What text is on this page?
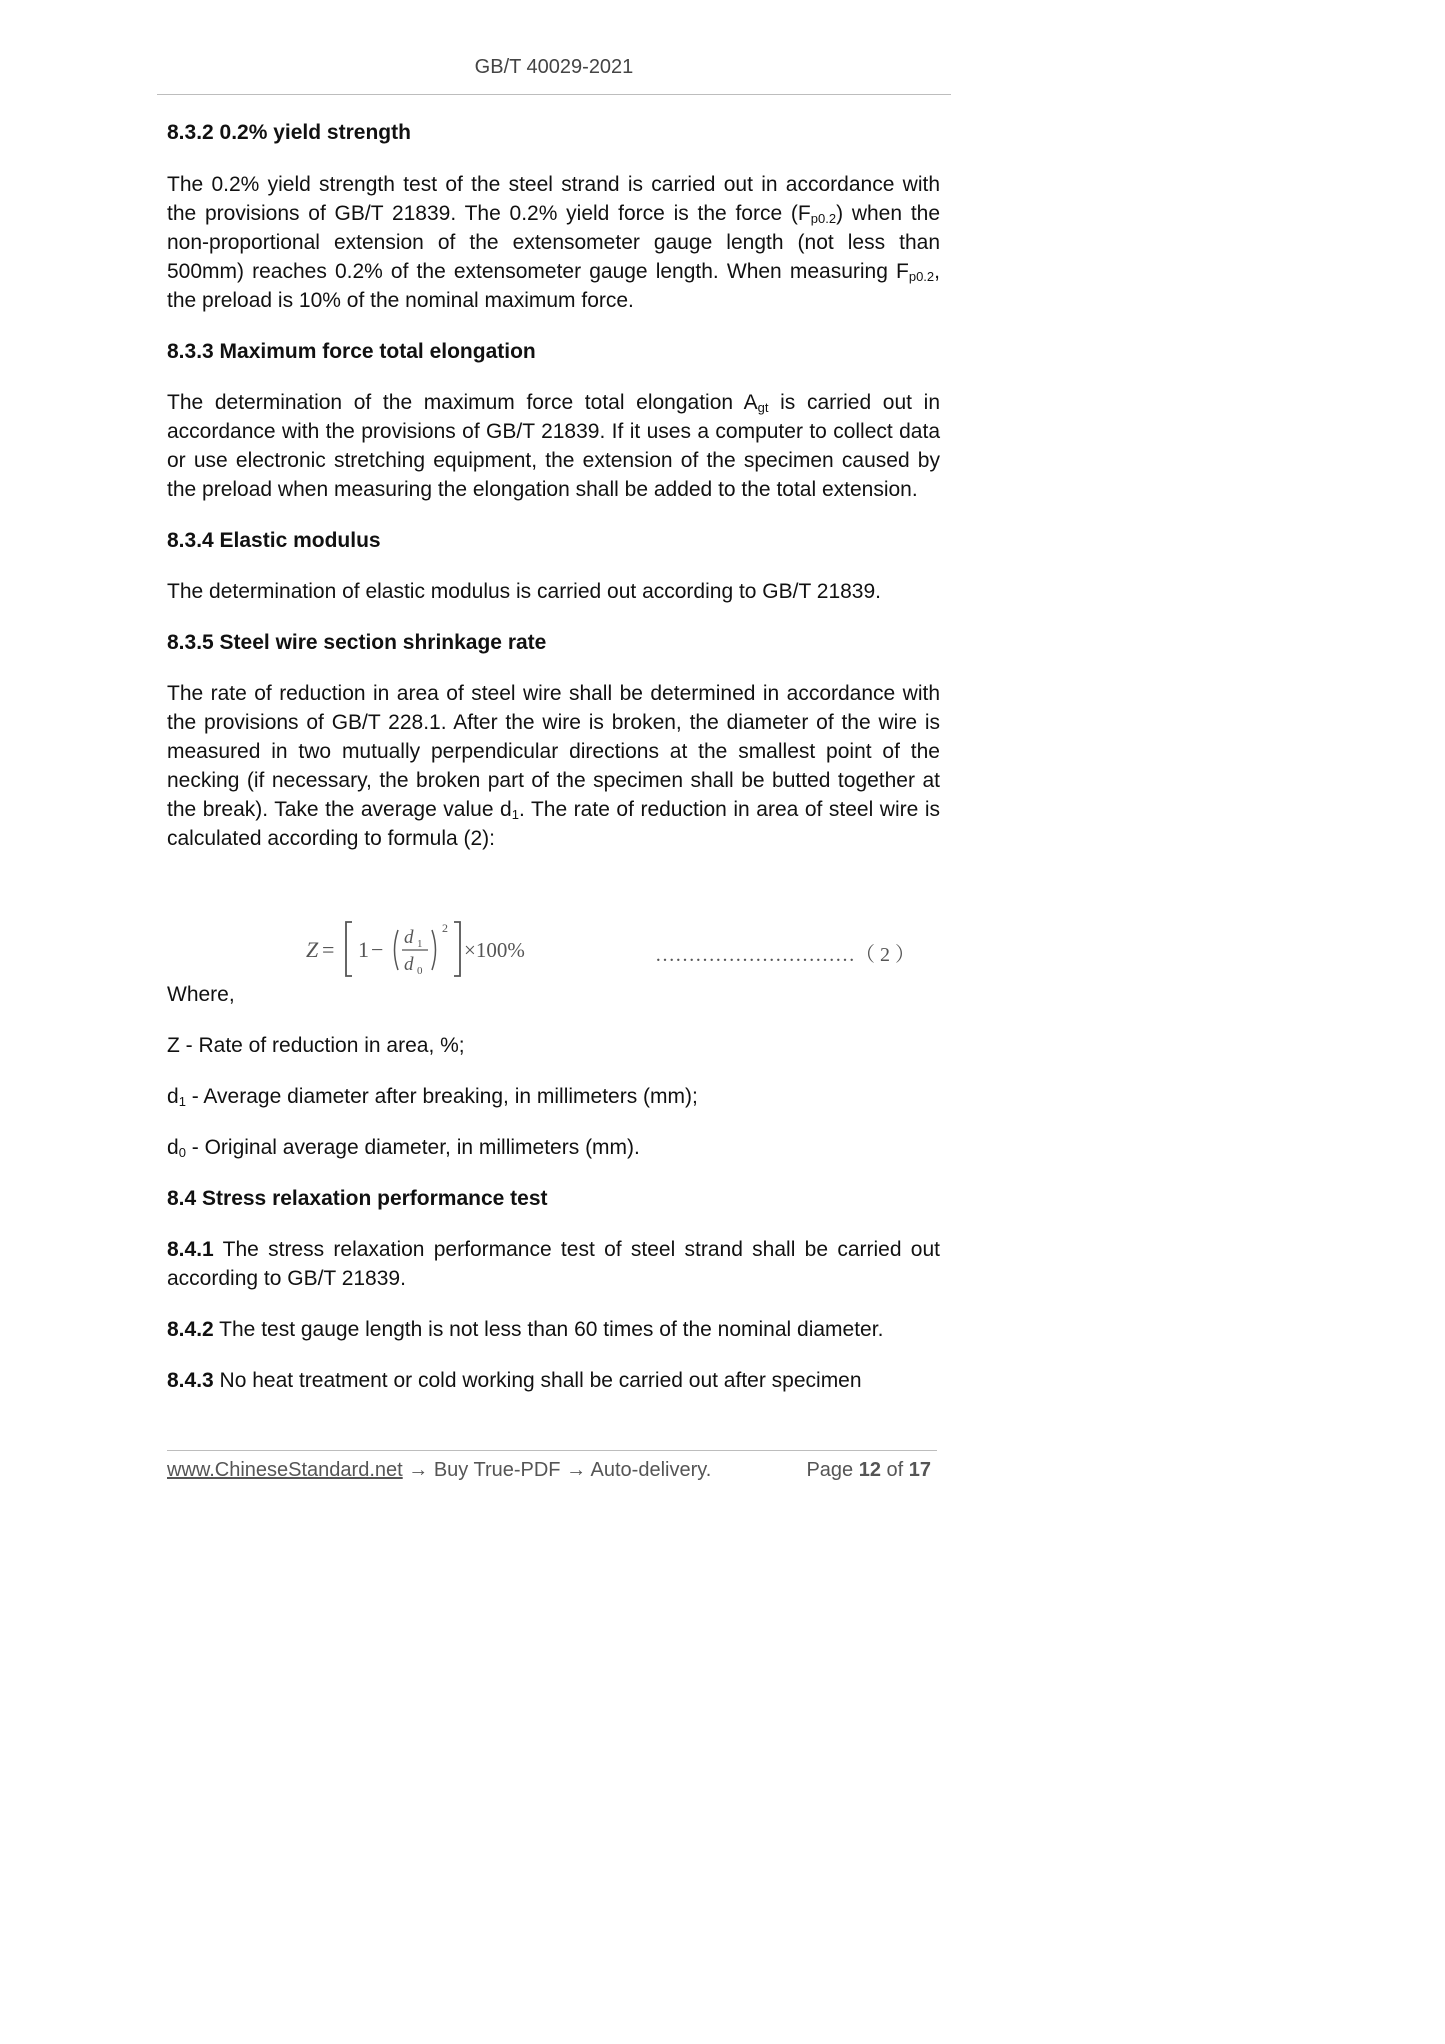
GB/T 40029-2021

8.3.2 0.2% yield strength

The 0.2% yield strength test of the steel strand is carried out in accordance with the provisions of GB/T 21839. The 0.2% yield force is the force $(F_{p0.2})$ when the non-proportional extension of the extensometer gauge length (not less than 500mm) reaches 0.2% of the extensometer gauge length. When measuring $F_{p0.2}$, the preload is 10% of the nominal maximum force.

8.3.3 Maximum force total elongation

The determination of the maximum force total elongation $A_{gt}$ is carried out in accordance with the provisions of GB/T 21839. If it uses a computer to collect data or use electronic stretching equipment, the extension of the specimen caused by the preload when measuring the elongation shall be added to the total extension.

8.3.4 Elastic modulus

The determination of elastic modulus is carried out according to GB/T 21839.

8.3.5 Steel wire section shrinkage rate

The rate of reduction in area of steel wire shall be determined in accordance with the provisions of GB/T 228.1. After the wire is broken, the diameter of the wire is measured in two mutually perpendicular directions at the smallest point of the necking (if necessary, the broken part of the specimen shall be butted together at the break). Take the average value $d_1$. The rate of reduction in area of steel wire is calculated according to formula (2):

Where,

Z - Rate of reduction in area, %;

$d_1$ - Average diameter after breaking, in millimeters (mm);

$d_0$ - Original average diameter, in millimeters (mm).

8.4 Stress relaxation performance test

8.4.1 The stress relaxation performance test of steel strand shall be carried out according to GB/T 21839.

8.4.2 The test gauge length is not less than 60 times of the nominal diameter.

8.4.3 No heat treatment or cold working shall be carried out after specimen

Z = 1 − d 1
d 0
2
×100%	…………………………（ 2 ）
www.ChineseStandard.net → Buy True-PDF → Auto-delivery.	Page 12 of 17
